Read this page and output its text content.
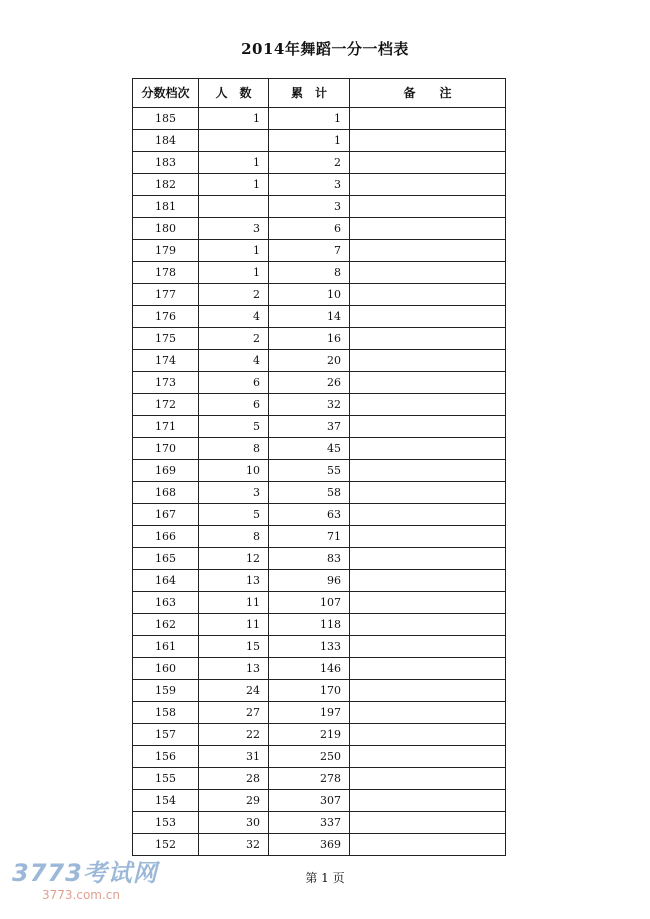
2014年舞蹈一分一档表
分数档次	人　数	累　计	备　　注
185	1	1	
184		1	
183	1	2	
182	1	3	
181		3	
180	3	6	
179	1	7	
178	1	8	
177	2	10	
176	4	14	
175	2	16	
174	4	20	
173	6	26	
172	6	32	
171	5	37	
170	8	45	
169	10	55	
168	3	58	
167	5	63	
166	8	71	
165	12	83	
164	13	96	
163	11	107	
162	11	118	
161	15	133	
160	13	146	
159	24	170	
158	27	197	
157	22	219	
156	31	250	
155	28	278	
154	29	307	
153	30	337	
152	32	369	
第 1 页
3773考试网
3773.com.cn
